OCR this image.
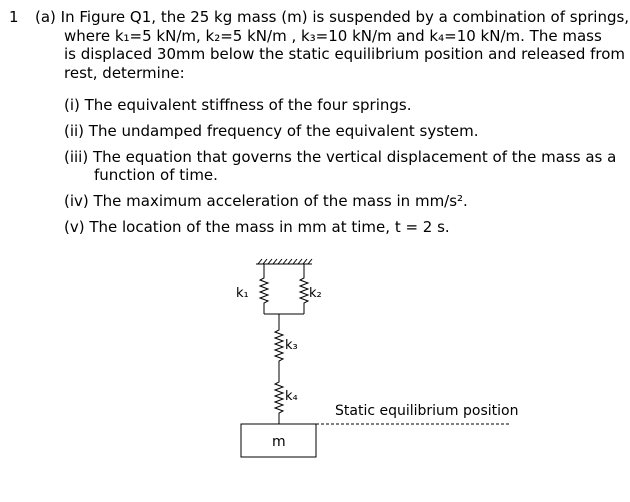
1 (a) In Figure Q1, the 25 kg mass (m) is suspended by a combination of springs,
where k₁=5 kN/m, k₂=5 kN/m , k₃=10 kN/m and k₄=10 kN/m. The mass
is displaced 30mm below the static equilibrium position and released from
rest, determine:
(i) The equivalent stiffness of the four springs.
(ii) The undamped frequency of the equivalent system.
(iii) The equation that governs the vertical displacement of the mass as a
function of time.
(iv) The maximum acceleration of the mass in mm/s².
(v) The location of the mass in mm at time, t = 2 s.
k₁	k₂
k₃
k₄
m
Static equilibrium position
